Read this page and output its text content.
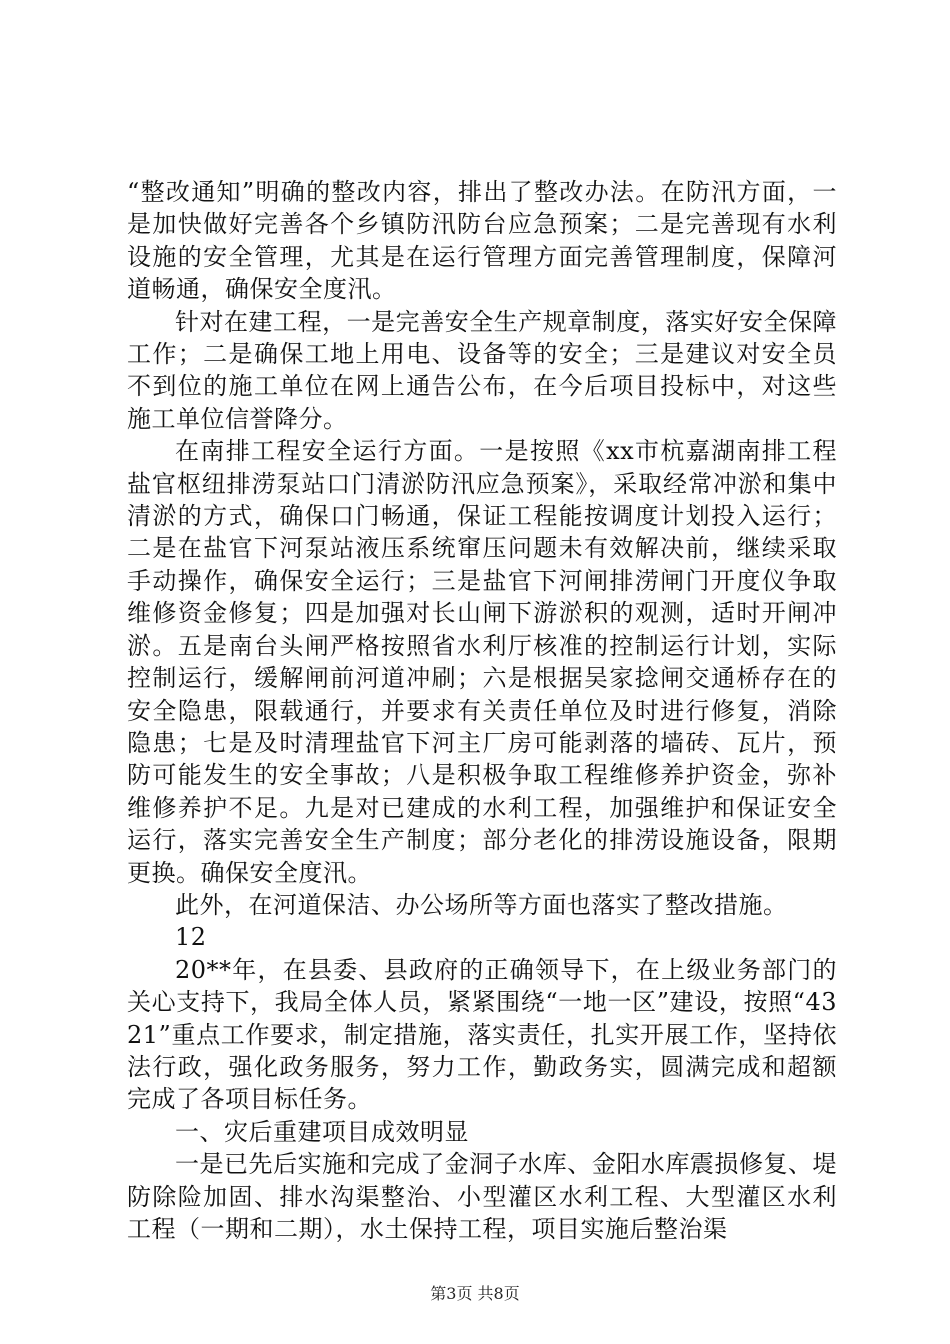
“整改通知”明确的整改内容，排出了整改办法。在防汛方面，一是加快做好完善各个乡镇防汛防台应急预案；二是完善现有水利设施的安全管理，尤其是在运行管理方面完善管理制度，保障河道畅通，确保安全度汛。

针对在建工程，一是完善安全生产规章制度，落实好安全保障工作；二是确保工地上用电、设备等的安全；三是建议对安全员不到位的施工单位在网上通告公布，在今后项目投标中，对这些施工单位信誉降分。

在南排工程安全运行方面。一是按照《xx市杭嘉湖南排工程盐官枢纽排涝泵站口门清淤防汛应急预案》，采取经常冲淤和集中清淤的方式，确保口门畅通，保证工程能按调度计划投入运行；二是在盐官下河泵站液压系统窜压问题未有效解决前，继续采取手动操作，确保安全运行；三是盐官下河闸排涝闸门开度仪争取维修资金修复；四是加强对长山闸下游淤积的观测，适时开闸冲淤。五是南台头闸严格按照省水利厅核准的控制运行计划，实际控制运行，缓解闸前河道冲刷；六是根据吴家捻闸交通桥存在的安全隐患，限载通行，并要求有关责任单位及时进行修复，消除隐患；七是及时清理盐官下河主厂房可能剥落的墙砖、瓦片，预防可能发生的安全事故；八是积极争取工程维修养护资金，弥补维修养护不足。九是对已建成的水利工程，加强维护和保证安全运行，落实完善安全生产制度；部分老化的排涝设施设备，限期更换。确保安全度汛。

此外，在河道保洁、办公场所等方面也落实了整改措施。

12

20**年，在县委、县政府的正确领导下，在上级业务部门的关心支持下，我局全体人员，紧紧围绕“一地一区”建设，按照“4321”重点工作要求，制定措施，落实责任，扎实开展工作，坚持依法行政，强化政务服务，努力工作，勤政务实，圆满完成和超额完成了各项目标任务。

一、灾后重建项目成效明显

一是已先后实施和完成了金洞子水库、金阳水库震损修复、堤防除险加固、排水沟渠整治、小型灌区水利工程、大型灌区水利工程（一期和二期），水土保持工程，项目实施后整治渠

第3页 共8页
